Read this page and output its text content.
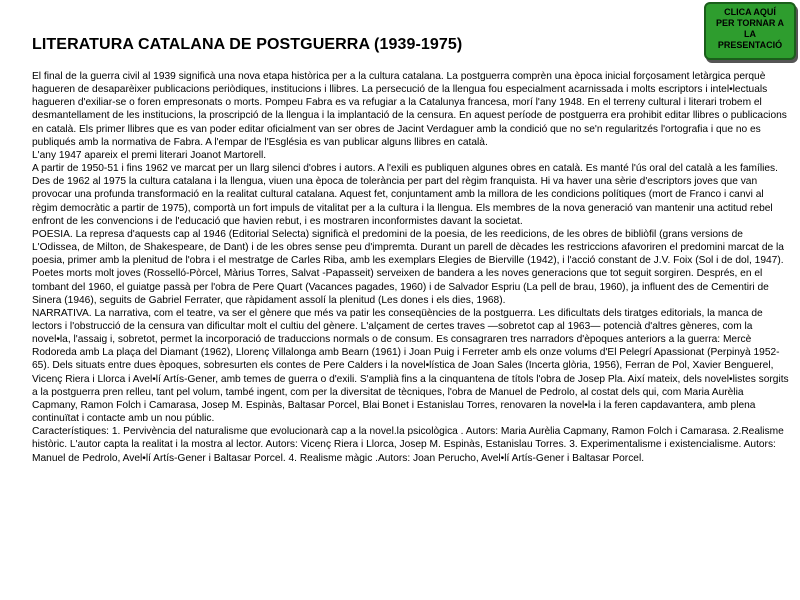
LITERATURA CATALANA DE POSTGUERRA (1939-1975)
CLICA AQUÍ
PER TORNAR A
LA
PRESENTACIÓ
El final de la guerra civil al 1939 significà una nova etapa històrica per a la cultura catalana. La postguerra comprèn una època inicial forçosament letàrgica perquè hagueren de desaparèixer publicacions periòdiques, institucions i llibres. La persecució de la llengua fou especialment acarnissada i molts escriptors i intel•lectuals hagueren d'exiliar-se o foren empresonats o morts. Pompeu Fabra es va refugiar a la Catalunya francesa, morí l'any 1948. En el terreny cultural i literari trobem el desmantellament de les institucions, la proscripció de la llengua i la implantació de la censura. En aquest període de postguerra era prohibit editar llibres o publicacions en català. Els primer llibres que es van poder editar oficialment van ser obres de Jacint Verdaguer amb la condició que no se'n regularitzés l'ortografia i que no es publiqués amb la normativa de Fabra. A l'empar de l'Església es van publicar alguns llibres en català.
L'any 1947 apareix el premi literari Joanot Martorell.
A partir de 1950-51 i fins 1962 ve marcat per un llarg silenci d'obres i autors. A l'exili es publiquen algunes obres en català. Es manté l'ús oral del català a les famílies.
Des de 1962 al 1975 la cultura catalana i la llengua, viuen una època de tolerància per part del règim franquista. Hi va haver una sèrie d'escriptors joves que van provocar una profunda transformació en la realitat cultural catalana. Aquest fet, conjuntament amb la millora de les condicions polítiques (mort de Franco i canvi al règim democràtic a partir de 1975), comportà un fort impuls de vitalitat per a la cultura i la llengua. Els membres de la nova generació van mantenir una actitud rebel enfront de les convencions i de l'educació que havien rebut, i es mostraren inconformistes davant la societat.
POESIA. La represa d'aquests cap al 1946 (Editorial Selecta) significà el predomini de la poesia, de les reedicions, de les obres de bibliòfil (grans versions de L'Odissea, de Milton, de Shakespeare, de Dant) i de les obres sense peu d'impremta. Durant un parell de dècades les restriccions afavoriren el predomini marcat de la poesia, primer amb la plenitud de l'obra i el mestratge de Carles Riba, amb les exemplars Elegies de Bierville (1942), i l'acció constant de J.V. Foix (Sol i de dol, 1947). Poetes morts molt joves (Rosselló-Pòrcel, Màrius Torres, Salvat -Papasseit) serveixen de bandera a les noves generacions que tot seguit sorgiren. Després, en el tombant del 1960, el guiatge passà per l'obra de Pere Quart (Vacances pagades, 1960) i de Salvador Espriu (La pell de brau, 1960), ja influent des de Cementiri de Sinera (1946), seguits de Gabriel Ferrater, que ràpidament assolí la plenitud (Les dones i els dies, 1968).
NARRATIVA. La narrativa, com el teatre, va ser el gènere que més va patir les conseqüències de la postguerra. Les dificultats dels tiratges editorials, la manca de lectors i l'obstrucció de la censura van dificultar molt el cultiu del gènere. L'alçament de certes traves —sobretot cap al 1963— potencià d'altres gèneres, com la novel•la, l'assaig i, sobretot, permet la incorporació de traduccions normals o de consum. Es consagraren tres narradors d'èpoques anteriors a la guerra: Mercè Rodoreda amb La plaça del Diamant (1962), Llorenç Villalonga amb Bearn (1961) i Joan Puig i Ferreter amb els onze volums d'El Pelegrí Apassionat (Perpinyà 1952-65). Dels situats entre dues èpoques, sobresurten els contes de Pere Calders i la novel•lística de Joan Sales (Incerta glòria, 1956), Ferran de Pol, Xavier Benguerel, Vicenç Riera i Llorca i Avel•lí Artís-Gener, amb temes de guerra o d'exili. S'amplià fins a la cinquantena de títols l'obra de Josep Pla. Així mateix, dels novel•listes sorgits a la postguerra pren relleu, tant pel volum, també ingent, com per la diversitat de tècniques, l'obra de Manuel de Pedrolo, al costat dels qui, com Maria Aurèlia Capmany, Ramon Folch i Camarasa, Josep M. Espinàs, Baltasar Porcel, Blai Bonet i Estanislau Torres, renovaren la novel•la i la feren capdavantera, amb plena continuïtat i contacte amb un nou públic.
Característiques: 1. Pervivència del naturalisme que evolucionarà cap a la novel.la psicològica . Autors: Maria Aurèlia Capmany, Ramon Folch i Camarasa. 2.Realisme històric. L'autor capta la realitat i la mostra al lector. Autors: Vicenç Riera i Llorca, Josep M. Espinàs, Estanislau Torres. 3. Experimentalisme i existencialisme. Autors: Manuel de Pedrolo, Avel•lí Artís-Gener i Baltasar Porcel. 4. Realisme màgic .Autors: Joan Perucho, Avel•lí Artís-Gener i Baltasar Porcel.
